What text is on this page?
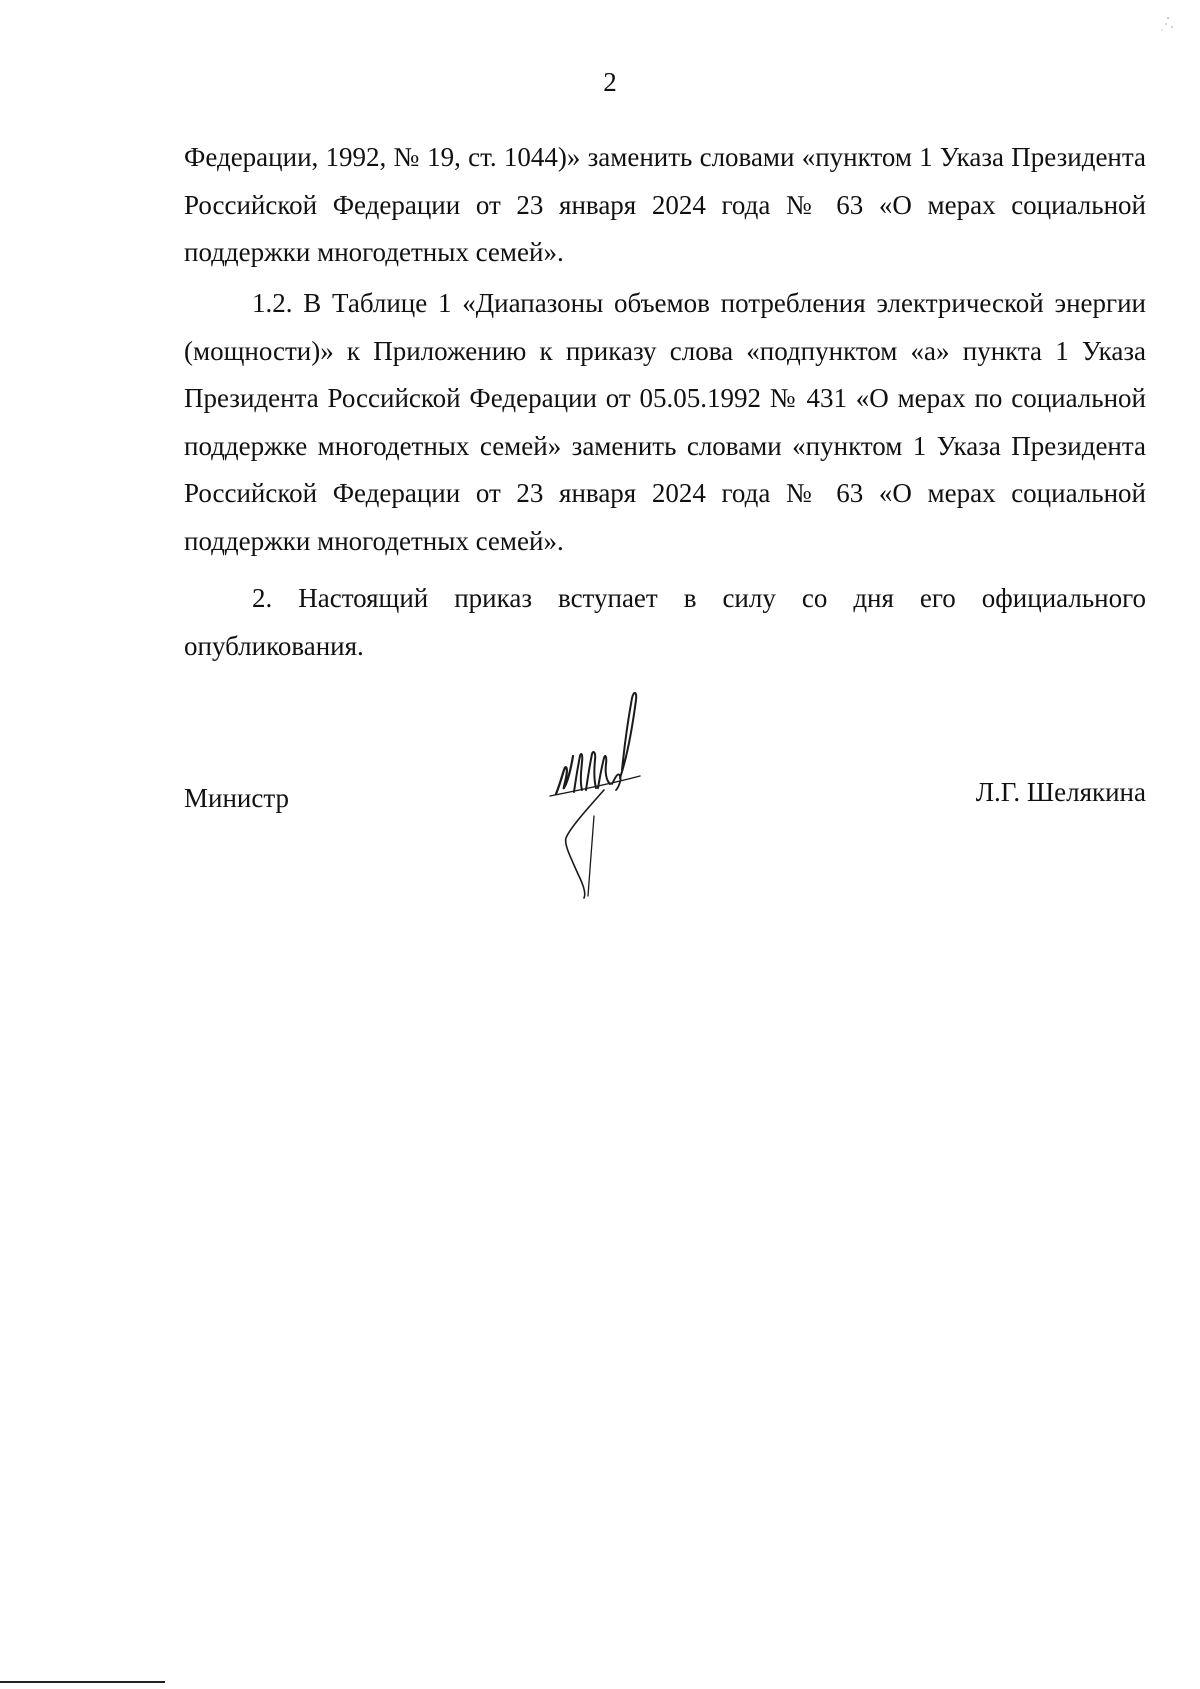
2

Федерации, 1992, № 19, ст. 1044)» заменить словами «пунктом 1 Указа Президента Российской Федерации от 23 января 2024 года № 63 «О мерах социальной поддержки многодетных семей».

1.2. В Таблице 1 «Диапазоны объемов потребления электрической энергии (мощности)» к Приложению к приказу слова «подпунктом «а» пункта 1 Указа Президента Российской Федерации от 05.05.1992 № 431 «О мерах по социальной поддержке многодетных семей» заменить словами «пунктом 1 Указа Президента Российской Федерации от 23 января 2024 года № 63 «О мерах социальной поддержки многодетных семей».

2. Настоящий приказ вступает в силу со дня его официального опубликования.

Министр	Л.Г. Шелякина
